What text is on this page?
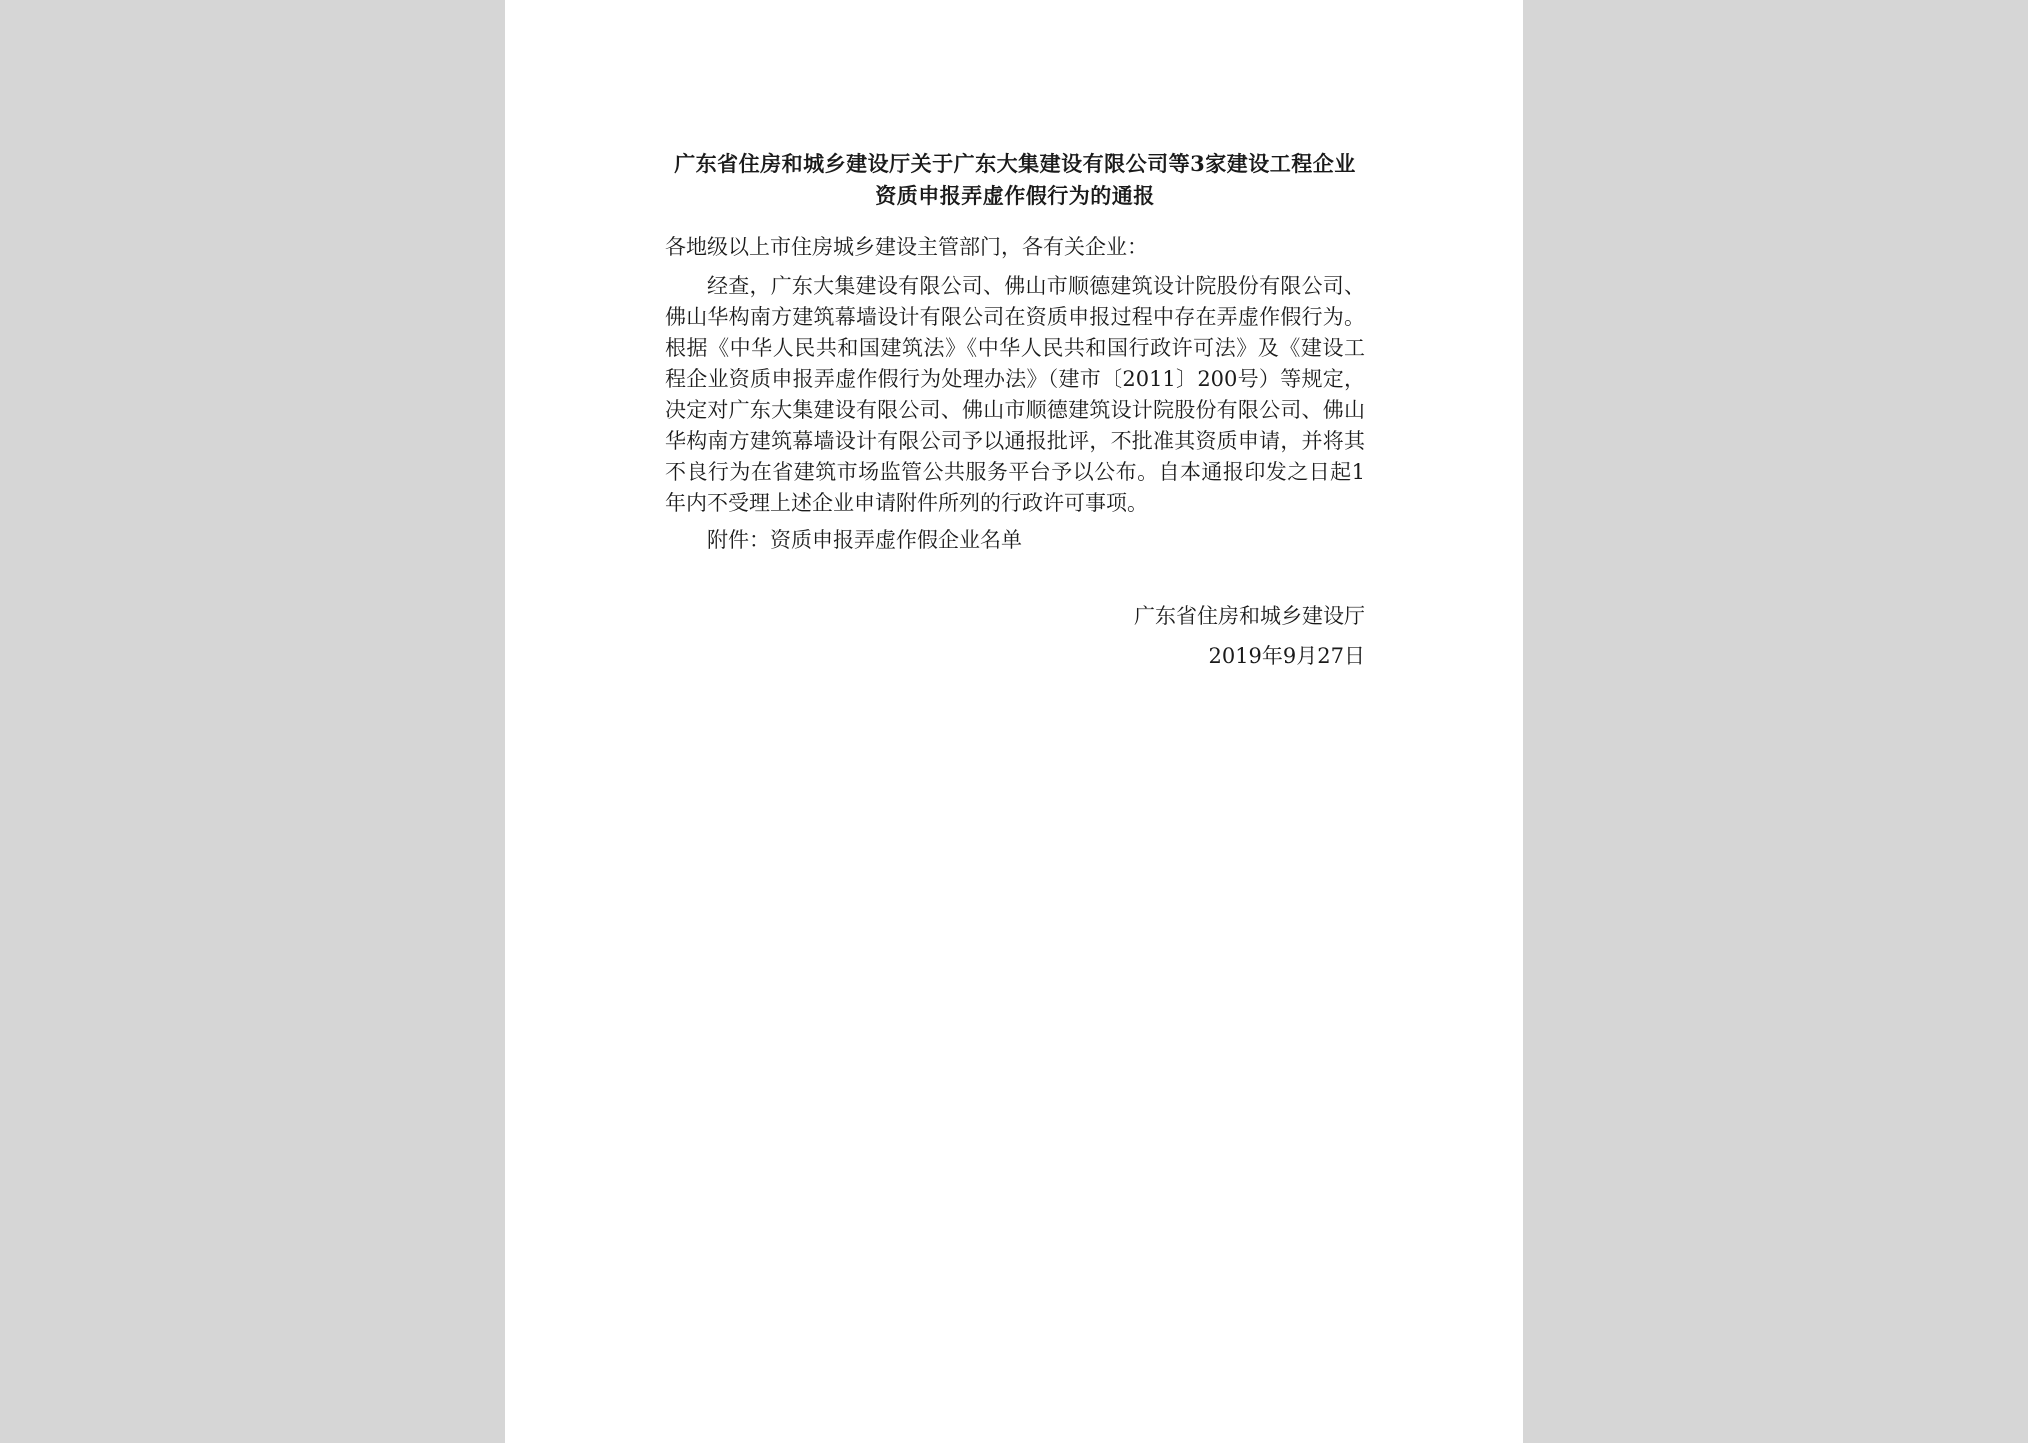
广东省住房和城乡建设厅关于广东大集建设有限公司等3家建设工程企业资质申报弄虚作假行为的通报

各地级以上市住房城乡建设主管部门，各有关企业：

经查，广东大集建设有限公司、佛山市顺德建筑设计院股份有限公司、佛山华构南方建筑幕墙设计有限公司在资质申报过程中存在弄虚作假行为。根据《中华人民共和国建筑法》《中华人民共和国行政许可法》及《建设工程企业资质申报弄虚作假行为处理办法》（建市〔2011〕200号）等规定，决定对广东大集建设有限公司、佛山市顺德建筑设计院股份有限公司、佛山华构南方建筑幕墙设计有限公司予以通报批评，不批准其资质申请，并将其不良行为在省建筑市场监管公共服务平台予以公布。自本通报印发之日起1年内不受理上述企业申请附件所列的行政许可事项。

附件：资质申报弄虚作假企业名单

广东省住房和城乡建设厅
2019年9月27日
